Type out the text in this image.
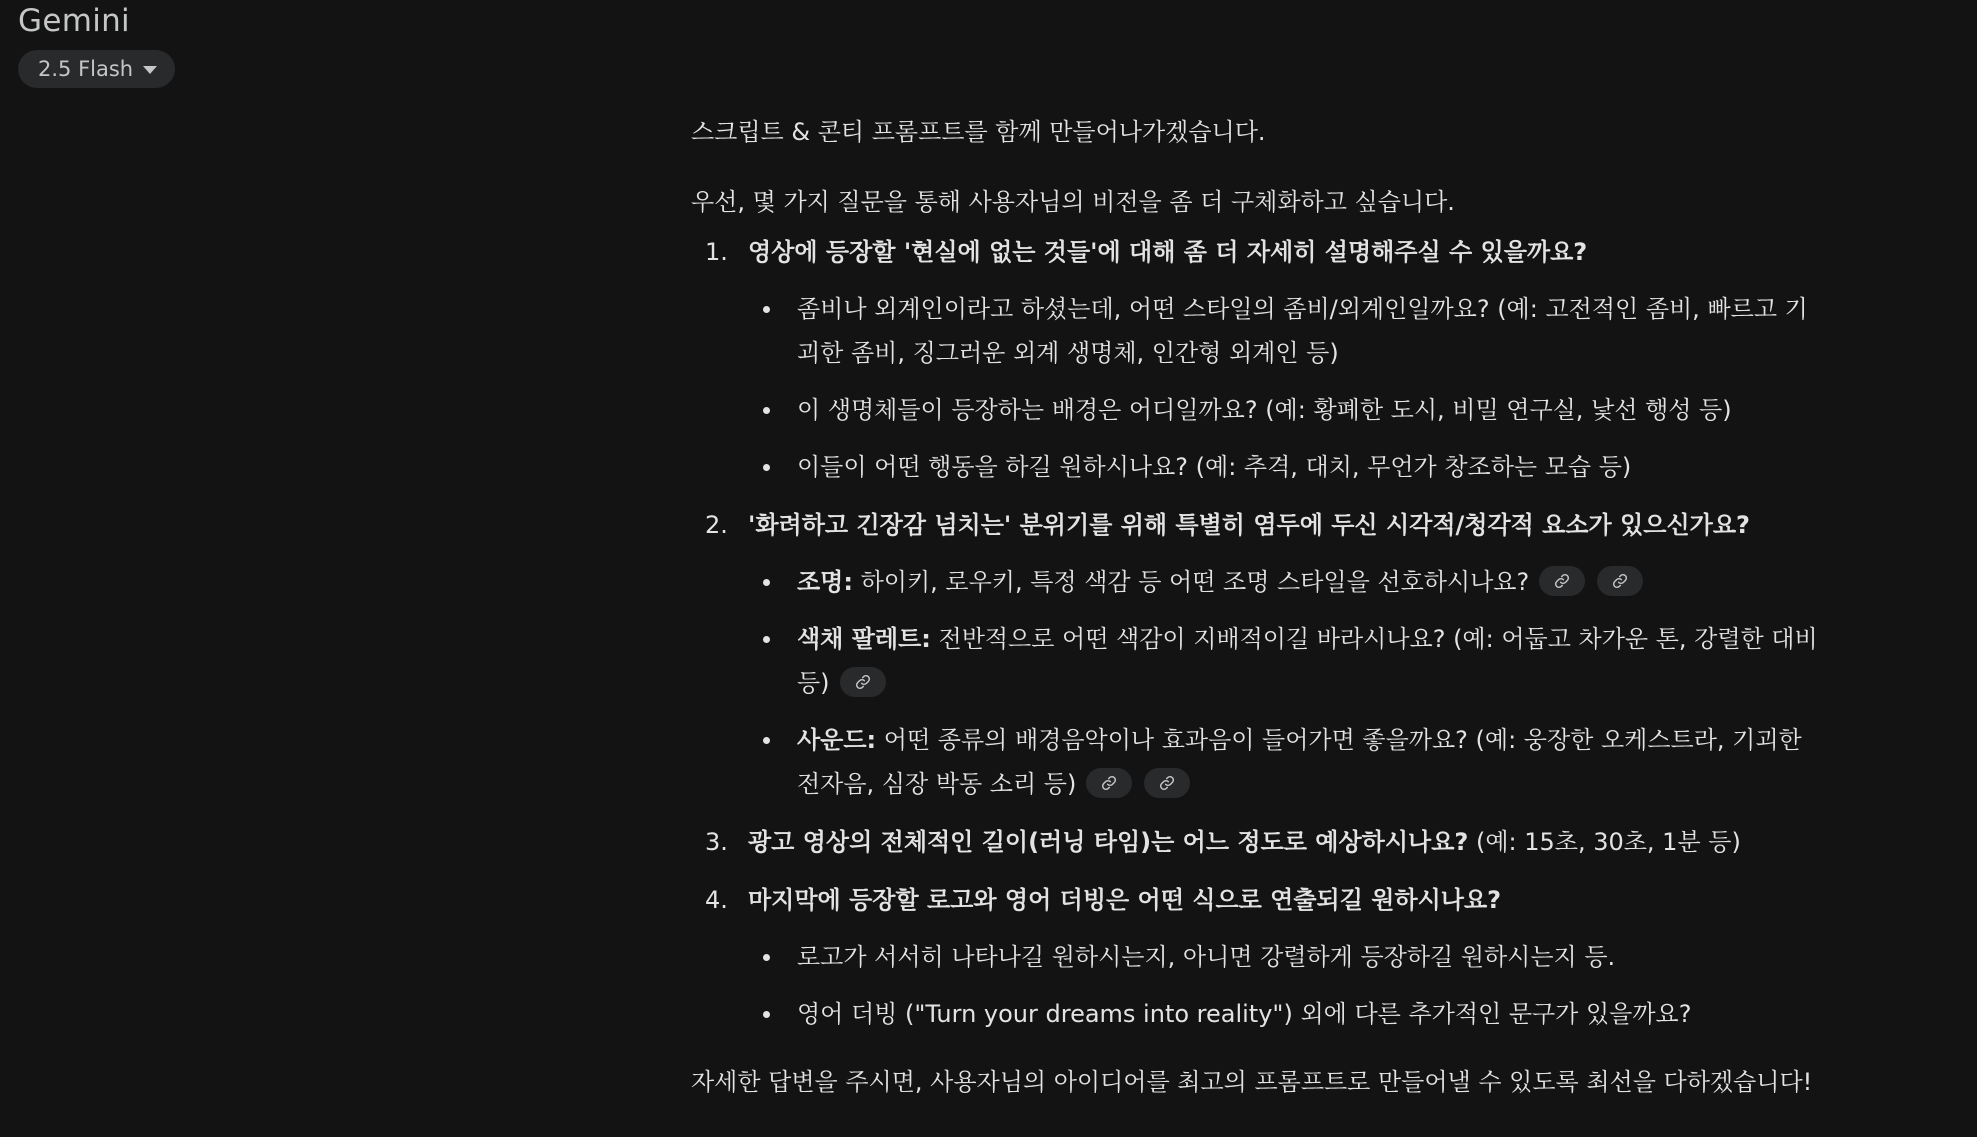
Gemini
2.5 Flash

스크립트 & 콘티 프롬프트를 함께 만들어나가겠습니다.

우선, 몇 가지 질문을 통해 사용자님의 비전을 좀 더 구체화하고 싶습니다.

1. 영상에 등장할 '현실에 없는 것들'에 대해 좀 더 자세히 설명해주실 수 있을까요?
좀비나 외계인이라고 하셨는데, 어떤 스타일의 좀비/외계인일까요? (예: 고전적인 좀비, 빠르고 기괴한 좀비, 징그러운 외계 생명체, 인간형 외계인 등)
이 생명체들이 등장하는 배경은 어디일까요? (예: 황폐한 도시, 비밀 연구실, 낯선 행성 등)
이들이 어떤 행동을 하길 원하시나요? (예: 추격, 대치, 무언가 창조하는 모습 등)
2. '화려하고 긴장감 넘치는' 분위기를 위해 특별히 염두에 두신 시각적/청각적 요소가 있으신가요?
조명: 하이키, 로우키, 특정 색감 등 어떤 조명 스타일을 선호하시나요?
색채 팔레트: 전반적으로 어떤 색감이 지배적이길 바라시나요? (예: 어둡고 차가운 톤, 강렬한 대비 등)
사운드: 어떤 종류의 배경음악이나 효과음이 들어가면 좋을까요? (예: 웅장한 오케스트라, 기괴한 전자음, 심장 박동 소리 등)
3. 광고 영상의 전체적인 길이(러닝 타임)는 어느 정도로 예상하시나요? (예: 15초, 30초, 1분 등)
4. 마지막에 등장할 로고와 영어 더빙은 어떤 식으로 연출되길 원하시나요?
로고가 서서히 나타나길 원하시는지, 아니면 강렬하게 등장하길 원하시는지 등.
영어 더빙 ("Turn your dreams into reality") 외에 다른 추가적인 문구가 있을까요?

자세한 답변을 주시면, 사용자님의 아이디어를 최고의 프롬프트로 만들어낼 수 있도록 최선을 다하겠습니다!
